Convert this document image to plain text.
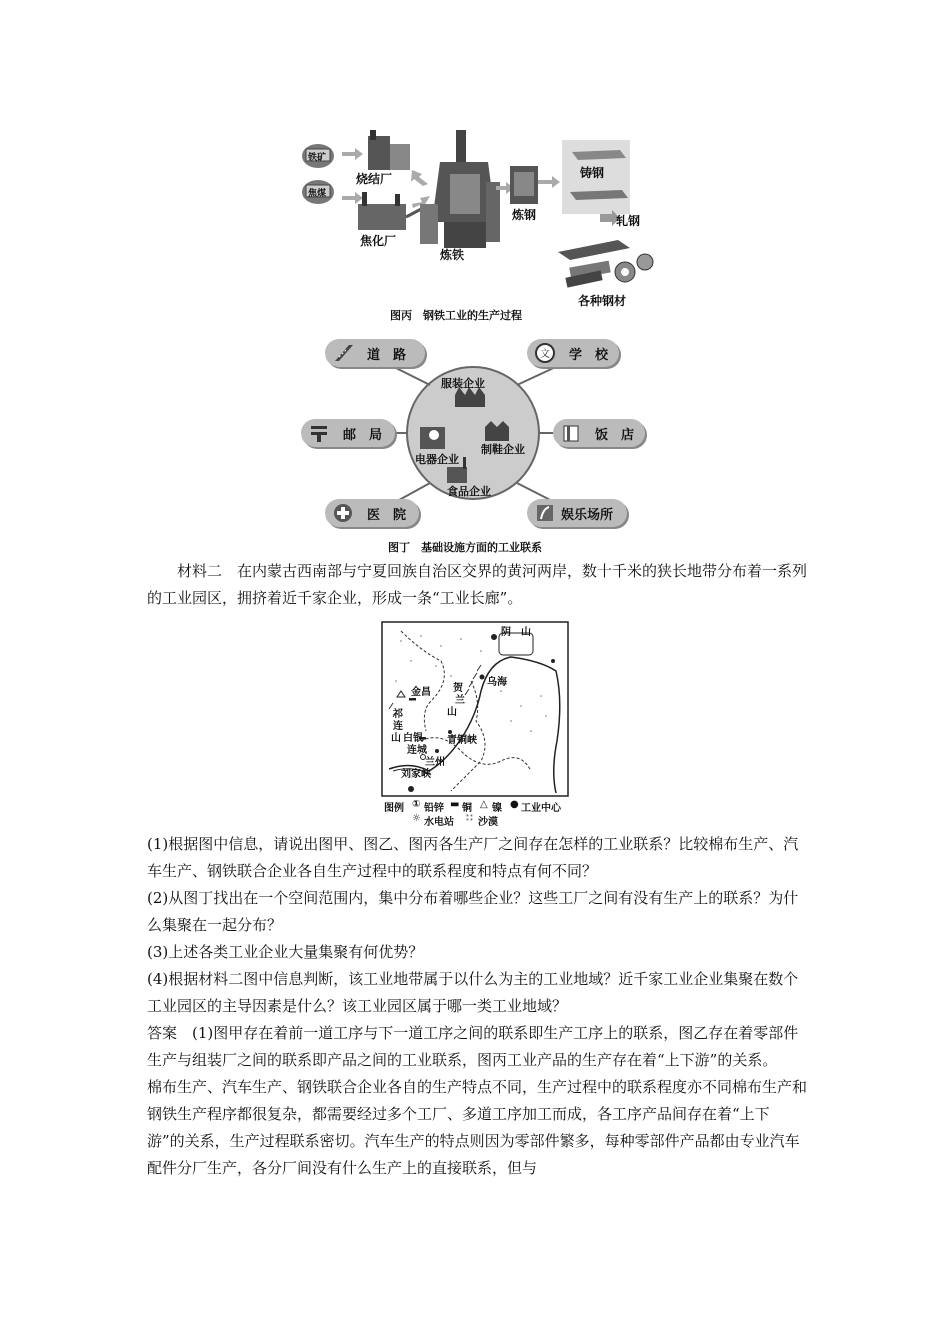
铁矿
焦煤
烧结厂
焦化厂
炼铁
炼钢
铸钢
轧钢
各种钢材
图丙　钢铁工业的生产过程
道　路	文 学　校
邮　局	饭　店
医　院	娱乐场所
服装企业
电器企业
制鞋企业
食品企业
图丁　基础设施方面的工业联系

材料二　在内蒙古西南部与宁夏回族自治区交界的黄河两岸，数十千米的狭长地带分布着一系列的工业园区，拥挤着近千家企业，形成一条“工业长廊”。

阴　山
乌海
贺
兰
山
金昌
祁
连
山 白银 青铜峡
连城
兰州
刘家峡
图例 ① 铅锌 ▬ 铜 △ 镍 ● 工业中心
☼ 水电站 ∷ 沙漠

(1)根据图中信息，请说出图甲、图乙、图丙各生产厂之间存在怎样的工业联系？比较棉布生产、汽车生产、钢铁联合企业各自生产过程中的联系程度和特点有何不同？

(2)从图丁找出在一个空间范围内，集中分布着哪些企业？这些工厂之间有没有生产上的联系？为什么集聚在一起分布？

(3)上述各类工业企业大量集聚有何优势？

(4)根据材料二图中信息判断，该工业地带属于以什么为主的工业地域？近千家工业企业集聚在数个工业园区的主导因素是什么？该工业园区属于哪一类工业地域？

答案　(1)图甲存在着前一道工序与下一道工序之间的联系即生产工序上的联系，图乙存在着零部件生产与组装厂之间的联系即产品之间的工业联系，图丙工业产品的生产存在着“上下游”的关系。

棉布生产、汽车生产、钢铁联合企业各自的生产特点不同，生产过程中的联系程度亦不同棉布生产和钢铁生产程序都很复杂，都需要经过多个工厂、多道工序加工而成，各工序产品间存在着“上下游”的关系，生产过程联系密切。汽车生产的特点则因为零部件繁多，每种零部件产品都由专业汽车配件分厂生产，各分厂间没有什么生产上的直接联系，但与
